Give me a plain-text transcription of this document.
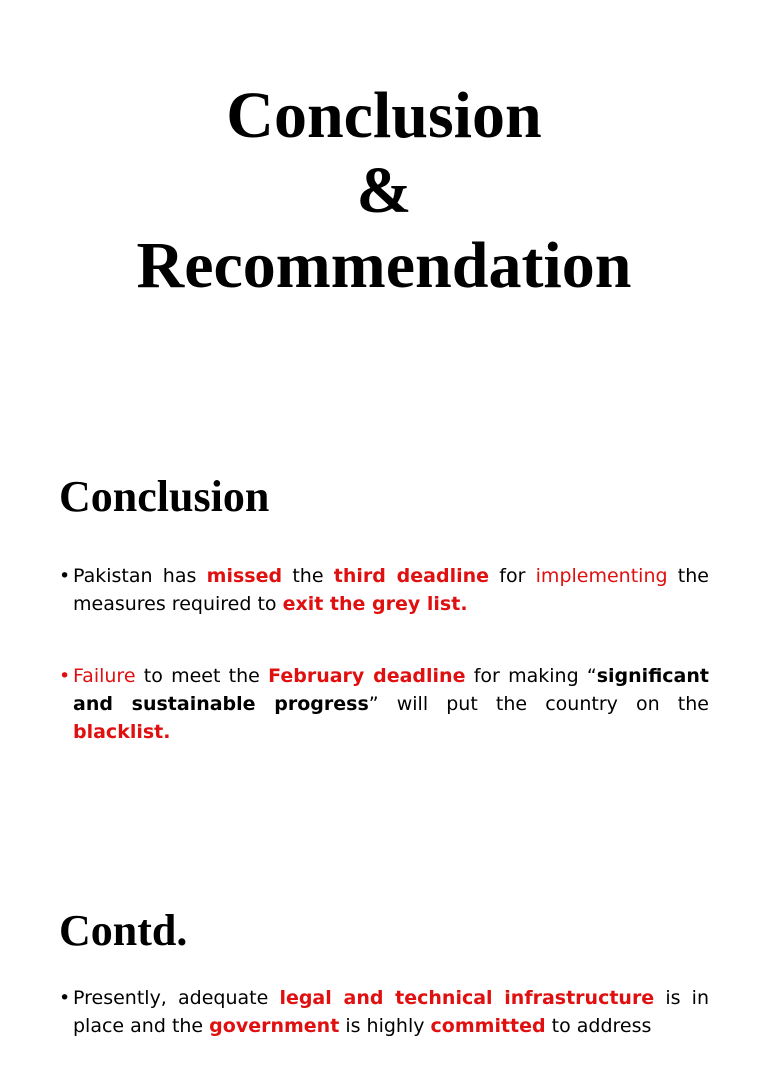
Conclusion
&
Recommendation
Conclusion
• Pakistan has missed the third deadline for implementing the measures required to exit the grey list.
• Failure to meet the February deadline for making “significant and sustainable progress” will put the country on the blacklist.
Contd.
• Presently, adequate legal and technical infrastructure is in place and the government is highly committed to address
